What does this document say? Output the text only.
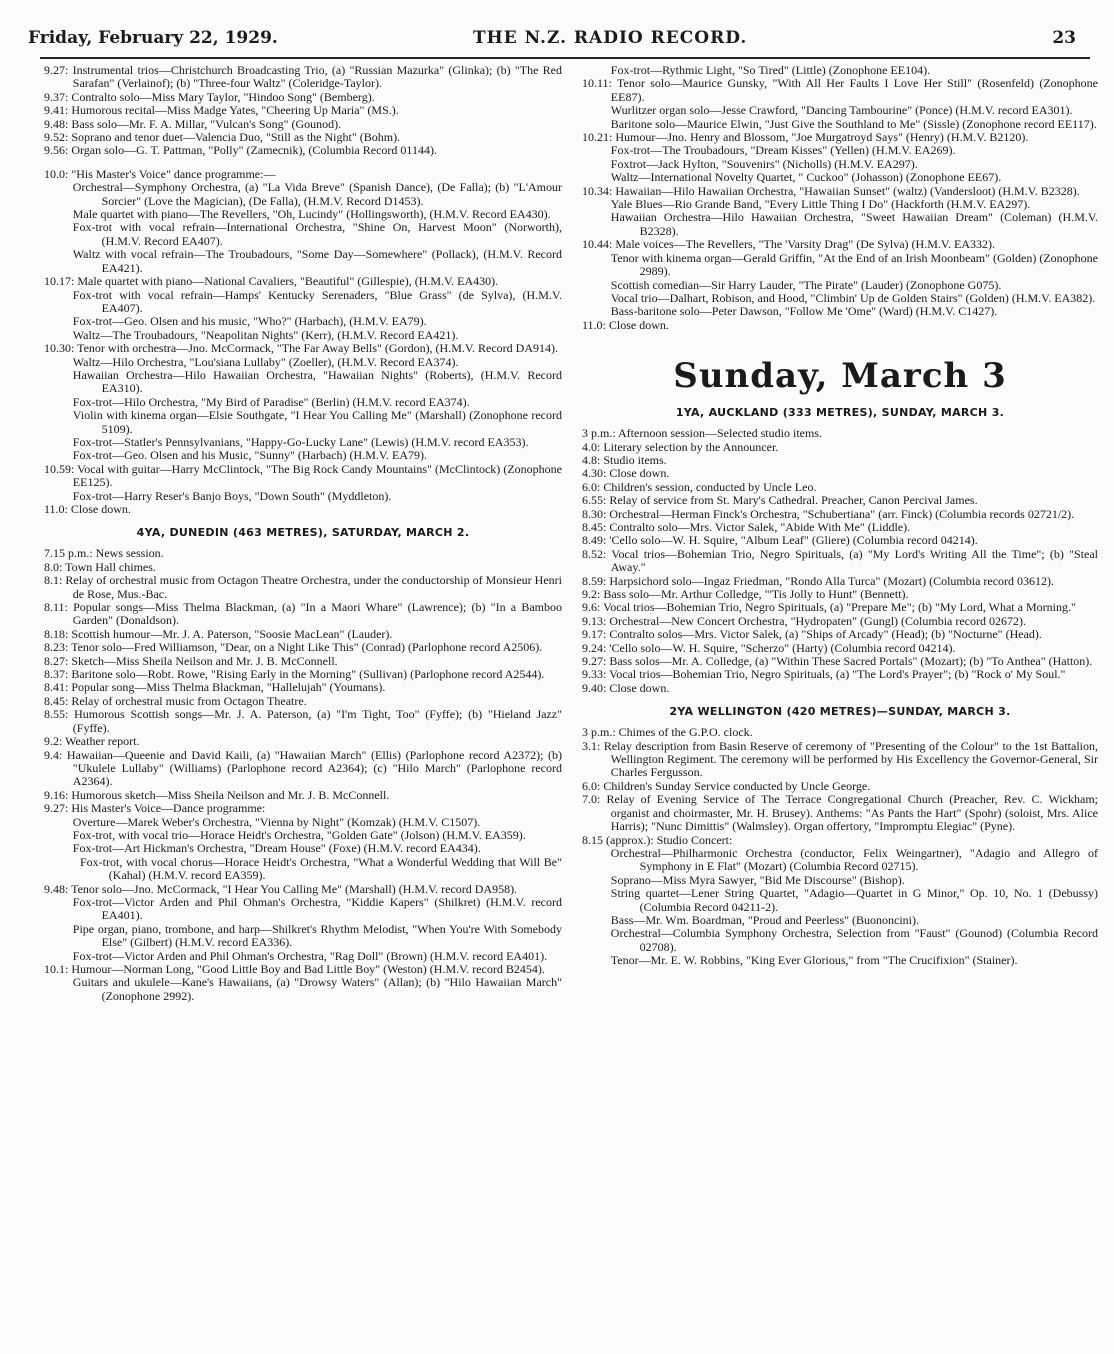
Friday, February 22, 1929.	THE N.Z. RADIO RECORD.	23
9.27: Instrumental trios—Christchurch Broadcasting Trio, (a) "Russian Mazurka" (Glinka); (b) "The Red Sarafan" (Verlainof); (b) "Three-four Waltz" (Coleridge-Taylor).
9.37: Contralto solo—Miss Mary Taylor, "Hindoo Song" (Bemberg).
9.41: Humorous recital—Miss Madge Yates, "Cheering Up Maria" (MS.).
9.48: Bass solo—Mr. F. A. Millar, "Vulcan's Song" (Gounod).
9.52: Soprano and tenor duet—Valencia Duo, "Still as the Night" (Bohm).
9.56: Organ solo—G. T. Pattman, "Polly" (Zamecnik), (Columbia Record 01144).
10.0: "His Master's Voice" dance programme:—
Orchestral—Symphony Orchestra, (a) "La Vida Breve" (Spanish Dance), (De Falla); (b) "L'Amour Sorcier" (Love the Magician), (De Falla), (H.M.V. Record D1453).
Male quartet with piano—The Revellers, "Oh, Lucindy" (Hollingsworth), (H.M.V. Record EA430).
Fox-trot with vocal refrain—International Orchestra, "Shine On, Harvest Moon" (Norworth), (H.M.V. Record EA407).
Waltz with vocal refrain—The Troubadours, "Some Day—Somewhere" (Pollack), (H.M.V. Record EA421).
10.17: Male quartet with piano—National Cavaliers, "Beautiful" (Gillespie), (H.M.V. EA430).
Fox-trot with vocal refrain—Hamps' Kentucky Serenaders, "Blue Grass" (de Sylva), (H.M.V. EA407).
Fox-trot—Geo. Olsen and his music, "Who?" (Harbach), (H.M.V. EA79).
Waltz—The Troubadours, "Neapolitan Nights" (Kerr), (H.M.V. Record EA421).
10.30: Tenor with orchestra—Jno. McCormack, "The Far Away Bells" (Gordon), (H.M.V. Record DA914).
Waltz—Hilo Orchestra, "Lou'siana Lullaby" (Zoeller), (H.M.V. Record EA374).
Hawaiian Orchestra—Hilo Hawaiian Orchestra, "Hawaiian Nights" (Roberts), (H.M.V. Record EA310).
Fox-trot—Hilo Orchestra, "My Bird of Paradise" (Berlin) (H.M.V. record EA374).
Violin with kinema organ—Elsie Southgate, "I Hear You Calling Me" (Marshall) (Zonophone record 5109).
Fox-trot—Statler's Pennsylvanians, "Happy-Go-Lucky Lane" (Lewis) (H.M.V. record EA353).
Fox-trot—Geo. Olsen and his Music, "Sunny" (Harbach) (H.M.V. EA79).
10.59: Vocal with guitar—Harry McClintock, "The Big Rock Candy Mountains" (McClintock) (Zonophone EE125).
Fox-trot—Harry Reser's Banjo Boys, "Down South" (Myddleton).
11.0: Close down.
4YA, DUNEDIN (463 METRES), SATURDAY, MARCH 2.
7.15 p.m.: News session.
8.0: Town Hall chimes.
8.1: Relay of orchestral music from Octagon Theatre Orchestra, under the conductorship of Monsieur Henri de Rose, Mus.-Bac.
8.11: Popular songs—Miss Thelma Blackman, (a) "In a Maori Whare" (Lawrence); (b) "In a Bamboo Garden" (Donaldson).
8.18: Scottish humour—Mr. J. A. Paterson, "Soosie MacLean" (Lauder).
8.23: Tenor solo—Fred Williamson, "Dear, on a Night Like This" (Conrad) (Parlophone record A2506).
8.27: Sketch—Miss Sheila Neilson and Mr. J. B. McConnell.
8.37: Baritone solo—Robt. Rowe, "Rising Early in the Morning" (Sullivan) (Parlophone record A2544).
8.41: Popular song—Miss Thelma Blackman, "Hallelujah" (Youmans).
8.45: Relay of orchestral music from Octagon Theatre.
8.55: Humorous Scottish songs—Mr. J. A. Paterson, (a) "I'm Tight, Too" (Fyffe); (b) "Hieland Jazz" (Fyffe).
9.2: Weather report.
9.4: Hawaiian—Queenie and David Kaili, (a) "Hawaiian March" (Ellis) (Parlophone record A2372); (b) "Ukulele Lullaby" (Williams) (Parlophone record A2364); (c) "Hilo March" (Parlophone record A2364).
9.16: Humorous sketch—Miss Sheila Neilson and Mr. J. B. McConnell.
9.27: His Master's Voice—Dance programme:
Overture—Marek Weber's Orchestra, "Vienna by Night" (Komzak) (H.M.V. C1507).
Fox-trot, with vocal trio—Horace Heidt's Orchestra, "Golden Gate" (Jolson) (H.M.V. EA359).
Fox-trot—Art Hickman's Orchestra, "Dream House" (Foxe) (H.M.V. record EA434).
Fox-trot, with vocal chorus—Horace Heidt's Orchestra, "What a Wonderful Wedding that Will Be" (Kahal) (H.M.V. record EA359).
9.48: Tenor solo—Jno. McCormack, "I Hear You Calling Me" (Marshall) (H.M.V. record DA958).
Fox-trot—Victor Arden and Phil Ohman's Orchestra, "Kiddie Kapers" (Shilkret) (H.M.V. record EA401).
Pipe organ, piano, trombone, and harp—Shilkret's Rhythm Melodist, "When You're With Somebody Else" (Gilbert) (H.M.V. record EA336).
Fox-trot—Victor Arden and Phil Ohman's Orchestra, "Rag Doll" (Brown) (H.M.V. record EA401).
10.1: Humour—Norman Long, "Good Little Boy and Bad Little Boy" (Weston) (H.M.V. record B2454).
Guitars and ukulele—Kane's Hawaiians, (a) "Drowsy Waters" (Allan); (b) "Hilo Hawaiian March" (Zonophone 2992).
Fox-trot—Rythmic Light, "So Tired" (Little) (Zonophone EE104).
10.11: Tenor solo—Maurice Gunsky, "With All Her Faults I Love Her Still" (Rosenfeld) (Zonophone EE87).
Wurlitzer organ solo—Jesse Crawford, "Dancing Tambourine" (Ponce) (H.M.V. record EA301).
Baritone solo—Maurice Elwin, "Just Give the Southland to Me" (Sissle) (Zonophone record EE117).
10.21: Humour—Jno. Henry and Blossom, "Joe Murgatroyd Says" (Henry) (H.M.V. B2120).
Fox-trot—The Troubadours, "Dream Kisses" (Yellen) (H.M.V. EA269).
Foxtrot—Jack Hylton, "Souvenirs" (Nicholls) (H.M.V. EA297).
Waltz—International Novelty Quartet, " Cuckoo" (Johasson) (Zonophone EE67).
10.34: Hawaiian—Hilo Hawaiian Orchestra, "Hawaiian Sunset" (waltz) (Vandersloot) (H.M.V. B2328).
Yale Blues—Rio Grande Band, "Every Little Thing I Do" (Hackforth (H.M.V. EA297).
Hawaiian Orchestra—Hilo Hawaiian Orchestra, "Sweet Hawaiian Dream" (Coleman) (H.M.V. B2328).
10.44: Male voices—The Revellers, "The 'Varsity Drag" (De Sylva) (H.M.V. EA332).
Tenor with kinema organ—Gerald Griffin, "At the End of an Irish Moonbeam" (Golden) (Zonophone 2989).
Scottish comedian—Sir Harry Lauder, "The Pirate" (Lauder) (Zonophone G075).
Vocal trio—Dalhart, Robison, and Hood, "Climbin' Up de Golden Stairs" (Golden) (H.M.V. EA382).
Bass-baritone solo—Peter Dawson, "Follow Me 'Ome" (Ward) (H.M.V. C1427).
11.0: Close down.
Sunday, March 3
1YA, AUCKLAND (333 METRES), SUNDAY, MARCH 3.
3 p.m.: Afternoon session—Selected studio items.
4.0: Literary selection by the Announcer.
4.8: Studio items.
4.30: Close down.
6.0: Children's session, conducted by Uncle Leo.
6.55: Relay of service from St. Mary's Cathedral. Preacher, Canon Percival James.
8.30: Orchestral—Herman Finck's Orchestra, "Schubertiana" (arr. Finck) (Columbia records 02721/2).
8.45: Contralto solo—Mrs. Victor Salek, "Abide With Me" (Liddle).
8.49: 'Cello solo—W. H. Squire, "Album Leaf" (Gliere) (Columbia record 04214).
8.52: Vocal trios—Bohemian Trio, Negro Spirituals, (a) "My Lord's Writing All the Time"; (b) "Steal Away."
8.59: Harpsichord solo—Ingaz Friedman, "Rondo Alla Turca" (Mozart) (Columbia record 03612).
9.2: Bass solo—Mr. Arthur Colledge, "'Tis Jolly to Hunt" (Bennett).
9.6: Vocal trios—Bohemian Trio, Negro Spirituals, (a) "Prepare Me"; (b) "My Lord, What a Morning."
9.13: Orchestral—New Concert Orchestra, "Hydropaten" (Gungl) (Columbia record 02672).
9.17: Contralto solos—Mrs. Victor Salek, (a) "Ships of Arcady" (Head); (b) "Nocturne" (Head).
9.24: 'Cello solo—W. H. Squire, "Scherzo" (Harty) (Columbia record 04214).
9.27: Bass solos—Mr. A. Colledge, (a) "Within These Sacred Portals" (Mozart); (b) "To Anthea" (Hatton).
9.33: Vocal trios—Bohemian Trio, Negro Spirituals, (a) "The Lord's Prayer"; (b) "Rock o' My Soul."
9.40: Close down.
2YA WELLINGTON (420 METRES)—SUNDAY, MARCH 3.
3 p.m.: Chimes of the G.P.O. clock.
3.1: Relay description from Basin Reserve of ceremony of "Presenting of the Colour" to the 1st Battalion, Wellington Regiment. The ceremony will be performed by His Excellency the Governor-General, Sir Charles Fergusson.
6.0: Children's Sunday Service conducted by Uncle George.
7.0: Relay of Evening Service of The Terrace Congregational Church (Preacher, Rev. C. Wickham; organist and choirmaster, Mr. H. Brusey). Anthems: "As Pants the Hart" (Spohr) (soloist, Mrs. Alice Harris); "Nunc Dimittis" (Walmsley). Organ offertory, "Impromptu Elegiac" (Pyne).
8.15 (approx.): Studio Concert:
Orchestral—Philharmonic Orchestra (conductor, Felix Weingartner), "Adagio and Allegro of Symphony in E Flat" (Mozart) (Columbia Record 02715).
Soprano—Miss Myra Sawyer, "Bid Me Discourse" (Bishop).
String quartet—Lener String Quartet, "Adagio—Quartet in G Minor," Op. 10, No. 1 (Debussy) (Columbia Record 04211-2).
Bass—Mr. Wm. Boardman, "Proud and Peerless" (Buononcini).
Orchestral—Columbia Symphony Orchestra, Selection from "Faust" (Gounod) (Columbia Record 02708).
Tenor—Mr. E. W. Robbins, "King Ever Glorious," from "The Crucifixion" (Stainer).
